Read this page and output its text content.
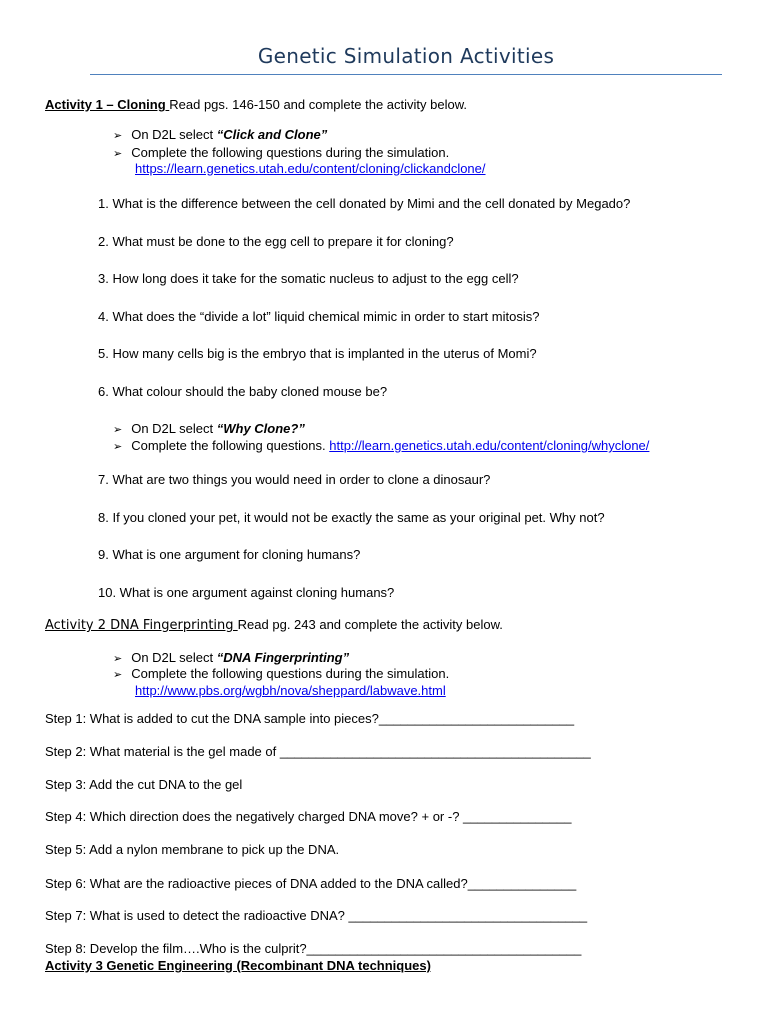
Genetic Simulation Activities
Activity 1 – Cloning Read pgs. 146-150 and complete the activity below.
➢ On D2L select “Click and Clone”
➢ Complete the following questions during the simulation.
https://learn.genetics.utah.edu/content/cloning/clickandclone/
1. What is the difference between the cell donated by Mimi and the cell donated by Megado?
2. What must be done to the egg cell to prepare it for cloning?
3. How long does it take for the somatic nucleus to adjust to the egg cell?
4. What does the “divide a lot” liquid chemical mimic in order to start mitosis?
5. How many cells big is the embryo that is implanted in the uterus of Momi?
6. What colour should the baby cloned mouse be?
➢ On D2L select “Why Clone?”
➢ Complete the following questions. http://learn.genetics.utah.edu/content/cloning/whyclone/
7. What are two things you would need in order to clone a dinosaur?
8. If you cloned your pet, it would not be exactly the same as your original pet. Why not?
9. What is one argument for cloning humans?
10. What is one argument against cloning humans?
Activity 2 DNA Fingerprinting Read pg. 243 and complete the activity below.
➢ On D2L select “DNA Fingerprinting”
➢ Complete the following questions during the simulation.
http://www.pbs.org/wgbh/nova/sheppard/labwave.html
Step 1: What is added to cut the DNA sample into pieces?___________________________
Step 2: What material is the gel made of ___________________________________________
Step 3: Add the cut DNA to the gel
Step 4: Which direction does the negatively charged DNA move? + or -? _______________
Step 5: Add a nylon membrane to pick up the DNA.
Step 6: What are the radioactive pieces of DNA added to the DNA called?_______________
Step 7: What is used to detect the radioactive DNA? _________________________________
Step 8: Develop the film….Who is the culprit?______________________________________
Activity 3 Genetic Engineering (Recombinant DNA techniques)
